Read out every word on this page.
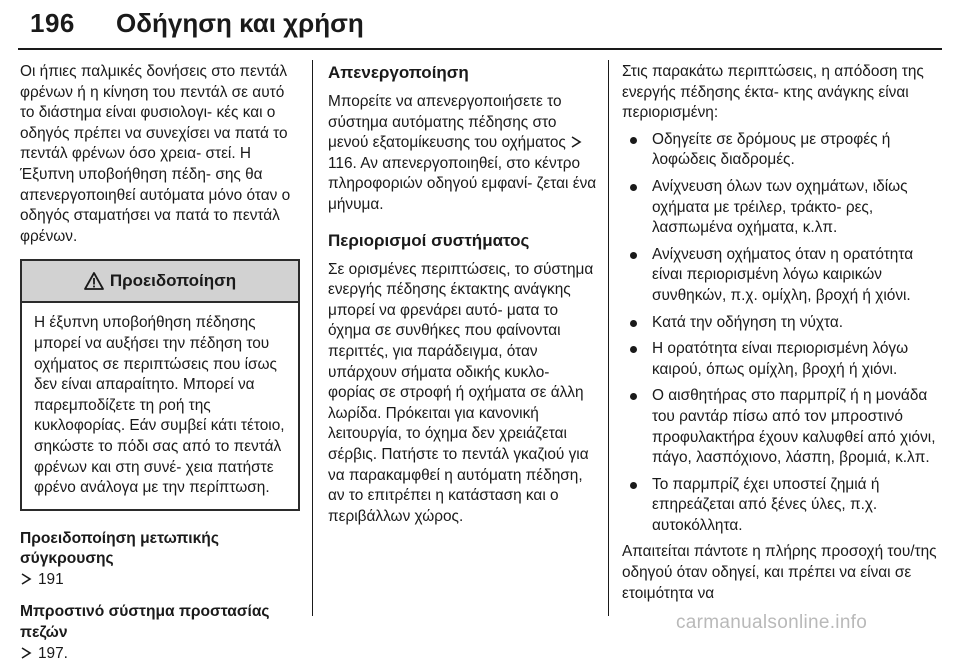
196 Οδήγηση και χρήση

Οι ήπιες παλμικές δονήσεις στο πεντάλ φρένων ή η κίνηση του πεντάλ σε αυτό το διάστημα είναι φυσιολογι- κές και ο οδηγός πρέπει να συνεχίσει να πατά το πεντάλ φρένων όσο χρεια- στεί. Η Έξυπνη υποβοήθηση πέδη- σης θα απενεργοποιηθεί αυτόματα μόνο όταν ο οδηγός σταματήσει να πατά το πεντάλ φρένων.

Προειδοποίηση
Η έξυπνη υποβοήθηση πέδησης μπορεί να αυξήσει την πέδηση του οχήματος σε περιπτώσεις που ίσως δεν είναι απαραίτητο. Μπορεί να παρεμποδίζετε τη ροή της κυκλοφορίας. Εάν συμβεί κάτι τέτοιο, σηκώστε το πόδι σας από το πεντάλ φρένων και στη συνέ- χεια πατήστε φρένο ανάλογα με την περίπτωση.

Προειδοποίηση μετωπικής σύγκρουσης

191

Μπροστινό σύστημα προστασίας πεζών

197.

Απενεργοποίηση

Μπορείτε να απενεργοποιήσετε το σύστημα αυτόματης πέδησης στο μενού εξατομίκευσης του οχήματος 116. Αν απενεργοποιηθεί, στο κέντρο πληροφοριών οδηγού εμφανί- ζεται ένα μήνυμα.

Περιορισμοί συστήματος

Σε ορισμένες περιπτώσεις, το σύστημα ενεργής πέδησης έκτακτης ανάγκης μπορεί να φρενάρει αυτό- ματα το όχημα σε συνθήκες που φαίνονται περιττές, για παράδειγμα, όταν υπάρχουν σήματα οδικής κυκλο- φορίας σε στροφή ή οχήματα σε άλλη λωρίδα. Πρόκειται για κανονική λειτουργία, το όχημα δεν χρειάζεται σέρβις. Πατήστε το πεντάλ γκαζιού για να παρακαμφθεί η αυτόματη πέδηση, αν το επιτρέπει η κατάσταση και ο περιβάλλων χώρος.

Στις παρακάτω περιπτώσεις, η απόδοση της ενεργής πέδησης έκτα- κτης ανάγκης είναι περιορισμένη:

Οδηγείτε σε δρόμους με στροφές ή λοφώδεις διαδρομές.
Ανίχνευση όλων των οχημάτων, ιδίως οχήματα με τρέιλερ, τράκτο- ρες, λασπωμένα οχήματα, κ.λπ.
Ανίχνευση οχήματος όταν η ορατότητα είναι περιορισμένη λόγω καιρικών συνθηκών, π.χ. ομίχλη, βροχή ή χιόνι.
Κατά την οδήγηση τη νύχτα.
Η ορατότητα είναι περιορισμένη λόγω καιρού, όπως ομίχλη, βροχή ή χιόνι.
Ο αισθητήρας στο παρμπρίζ ή η μονάδα του ραντάρ πίσω από τον μπροστινό προφυλακτήρα έχουν καλυφθεί από χιόνι, πάγο, λασπόχιονο, λάσπη, βρομιά, κ.λπ.
Το παρμπρίζ έχει υποστεί ζημιά ή επηρεάζεται από ξένες ύλες, π.χ. αυτοκόλλητα.

Απαιτείται πάντοτε η πλήρης προσοχή του/της οδηγού όταν οδηγεί, και πρέπει να είναι σε ετοιμότητα να

carmanualsonline.info
